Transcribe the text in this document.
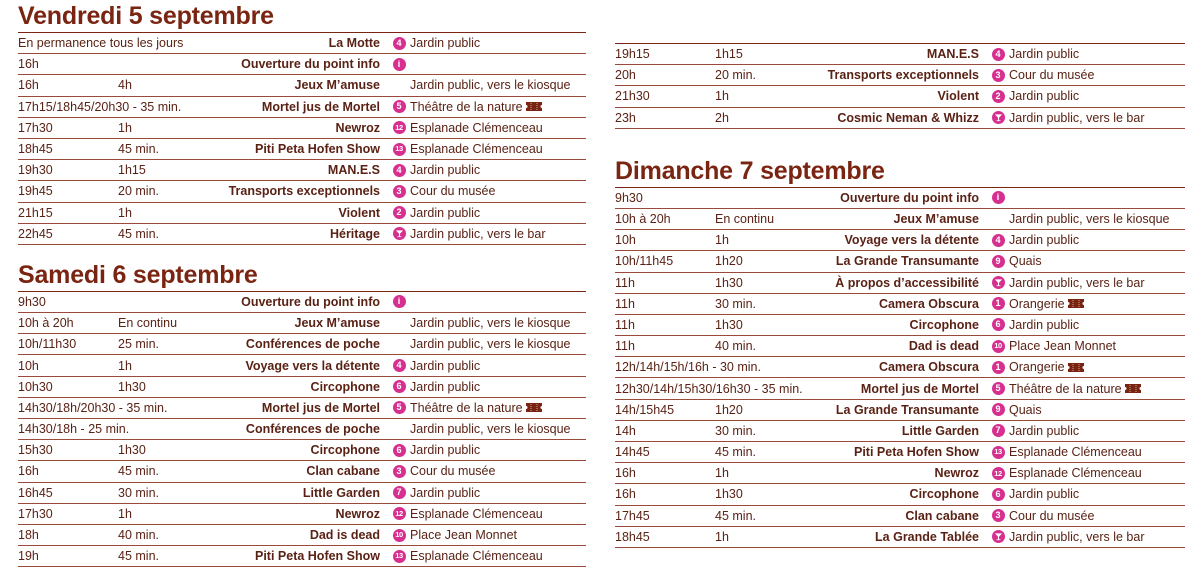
Vendredi 5 septembre
En permanence tous les jours	La Motte	4 Jardin public
16h	Ouverture du point info	i
16h	4h	Jeux M’amuse	Jardin public, vers le kiosque
17h15/18h45/20h30 - 35 min.	Mortel jus de Mortel	5 Théâtre de la nature
17h30	1h	Newroz	12 Esplanade Clémenceau
18h45	45 min.	Piti Peta Hofen Show	13 Esplanade Clémenceau
19h30	1h15	MAN.E.S	4 Jardin public
19h45	20 min.	Transports exceptionnels	3 Cour du musée
21h15	1h	Violent	2 Jardin public
22h45	45 min.	Héritage	Jardin public, vers le bar
Samedi 6 septembre
9h30	Ouverture du point info	i
10h à 20h	En continu	Jeux M’amuse	Jardin public, vers le kiosque
10h/11h30	25 min.	Conférences de poche	Jardin public, vers le kiosque
10h	1h	Voyage vers la détente	4 Jardin public
10h30	1h30	Circophone	6 Jardin public
14h30/18h/20h30 - 35 min.	Mortel jus de Mortel	5 Théâtre de la nature
14h30/18h - 25 min.	Conférences de poche	Jardin public, vers le kiosque
15h30	1h30	Circophone	6 Jardin public
16h	45 min.	Clan cabane	3 Cour du musée
16h45	30 min.	Little Garden	7 Jardin public
17h30	1h	Newroz	12 Esplanade Clémenceau
18h	40 min.	Dad is dead	10 Place Jean Monnet
19h	45 min.	Piti Peta Hofen Show	13 Esplanade Clémenceau
19h15	1h15	MAN.E.S	4 Jardin public
20h	20 min.	Transports exceptionnels	3 Cour du musée
21h30	1h	Violent	2 Jardin public
23h	2h	Cosmic Neman & Whizz	Jardin public, vers le bar
Dimanche 7 septembre
9h30	Ouverture du point info	i
10h à 20h	En continu	Jeux M’amuse	Jardin public, vers le kiosque
10h	1h	Voyage vers la détente	4 Jardin public
10h/11h45	1h20	La Grande Transumante	9 Quais
11h	1h30	À propos d’accessibilité	Jardin public, vers le bar
11h	30 min.	Camera Obscura	1 Orangerie
11h	1h30	Circophone	6 Jardin public
11h	40 min.	Dad is dead	10 Place Jean Monnet
12h/14h/15h/16h - 30 min.	Camera Obscura	1 Orangerie
12h30/14h/15h30/16h30 - 35 min.	Mortel jus de Mortel	5 Théâtre de la nature
14h/15h45	1h20	La Grande Transumante	9 Quais
14h	30 min.	Little Garden	7 Jardin public
14h45	45 min.	Piti Peta Hofen Show	13 Esplanade Clémenceau
16h	1h	Newroz	12 Esplanade Clémenceau
16h	1h30	Circophone	6 Jardin public
17h45	45 min.	Clan cabane	3 Cour du musée
18h45	1h	La Grande Tablée	Jardin public, vers le bar
